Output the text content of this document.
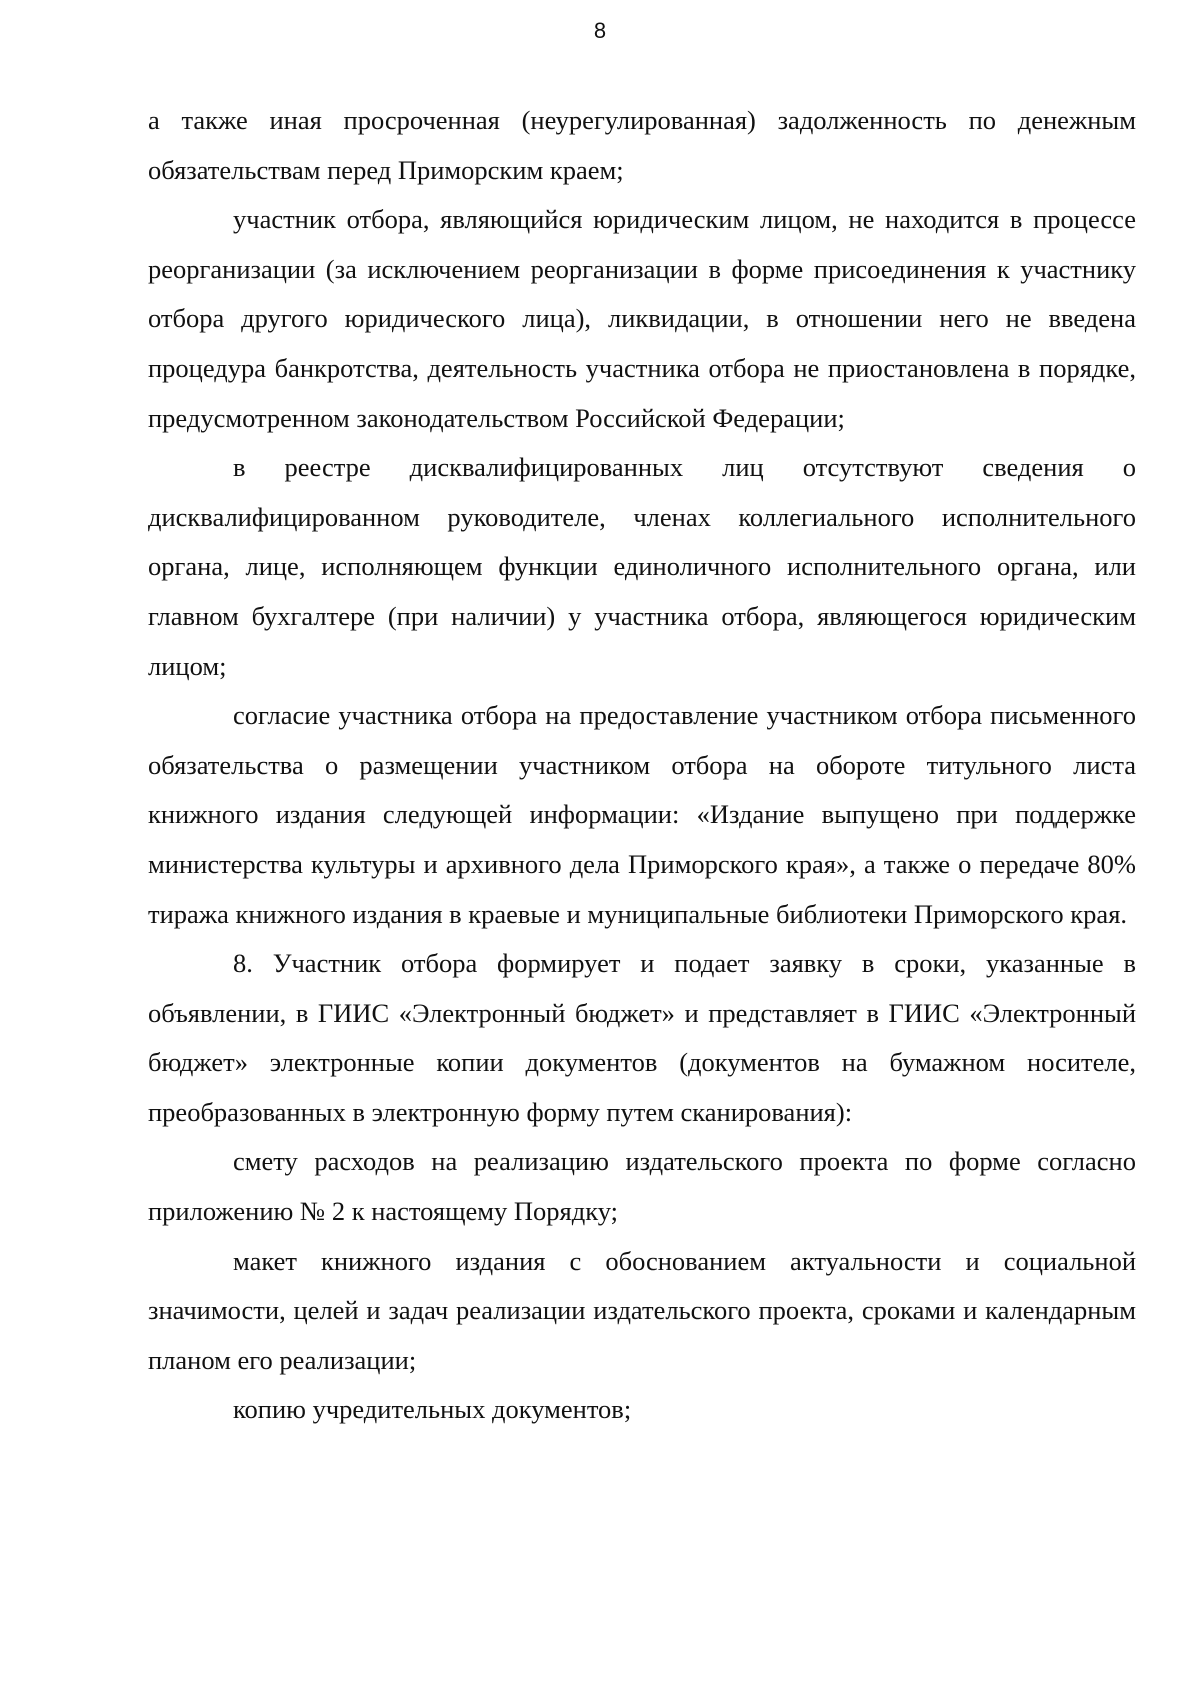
8

а также иная просроченная (неурегулированная) задолженность по денежным обязательствам перед Приморским краем;

участник отбора, являющийся юридическим лицом, не находится в процессе реорганизации (за исключением реорганизации в форме присоединения к участнику отбора другого юридического лица), ликвидации, в отношении него не введена процедура банкротства, деятельность участника отбора не приостановлена в порядке, предусмотренном законодательством Российской Федерации;

в реестре дисквалифицированных лиц отсутствуют сведения о дисквалифицированном руководителе, членах коллегиального исполнительного органа, лице, исполняющем функции единоличного исполнительного органа, или главном бухгалтере (при наличии) у участника отбора, являющегося юридическим лицом;

согласие участника отбора на предоставление участником отбора письменного обязательства о размещении участником отбора на обороте титульного листа книжного издания следующей информации: «Издание выпущено при поддержке министерства культуры и архивного дела Приморского края», а также о передаче 80% тиража книжного издания в краевые и муниципальные библиотеки Приморского края.

8. Участник отбора формирует и подает заявку в сроки, указанные в объявлении, в ГИИС «Электронный бюджет» и представляет в ГИИС «Электронный бюджет» электронные копии документов (документов на бумажном носителе, преобразованных в электронную форму путем сканирования):

смету расходов на реализацию издательского проекта по форме согласно приложению № 2 к настоящему Порядку;

макет книжного издания с обоснованием актуальности и социальной значимости, целей и задач реализации издательского проекта, сроками и календарным планом его реализации;

копию учредительных документов;
